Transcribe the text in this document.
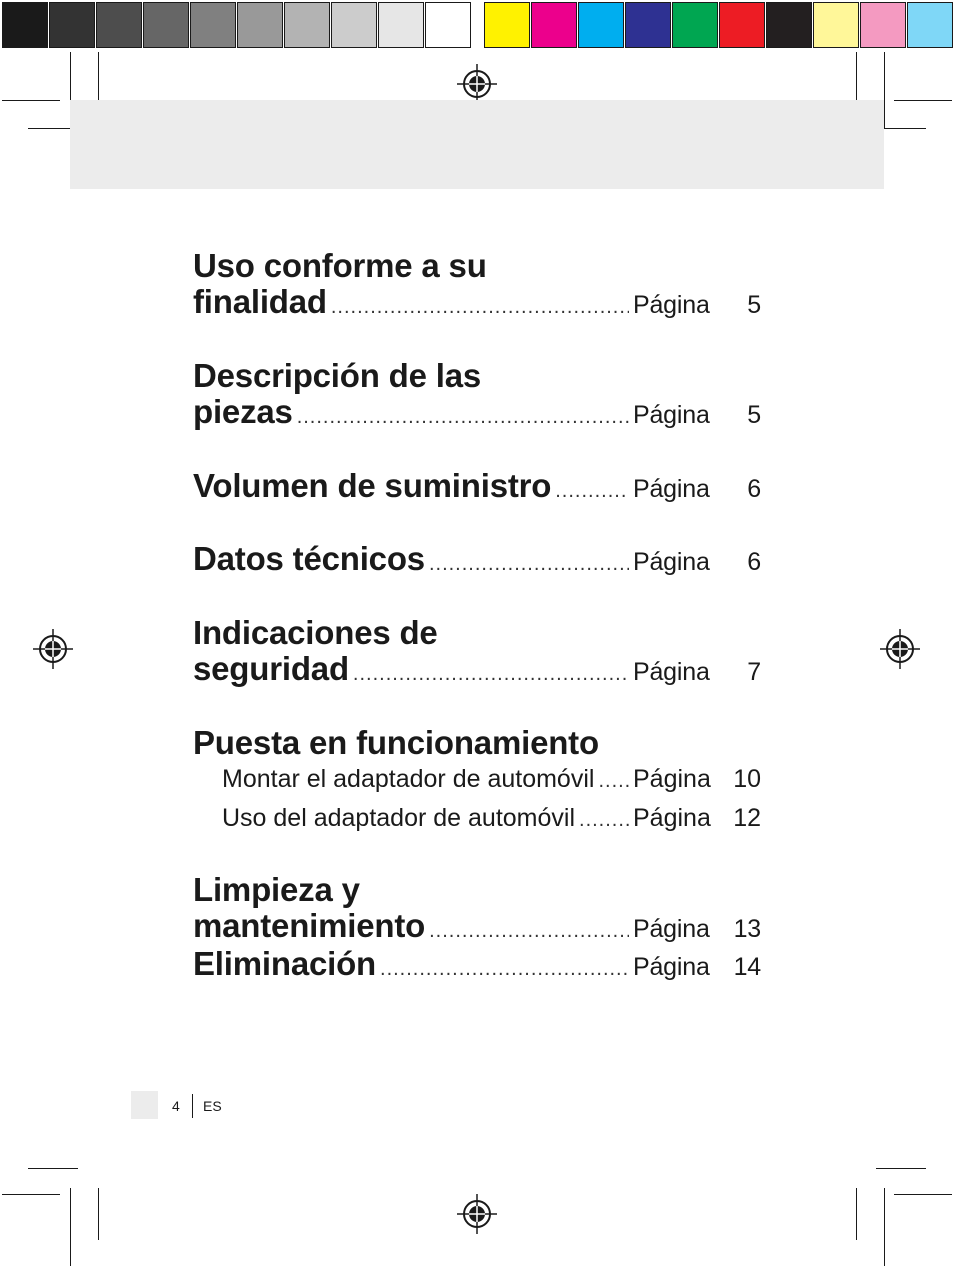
Uso conforme a su
finalidad .....	Página	5
Descripción de las
piezas .....	Página	5
Volumen de suministro .....	Página	6
Datos técnicos .....	Página	6
Indicaciones de
seguridad .....	Página	7
Puesta en funcionamiento
Montar el adaptador de automóvil ..... Página 10
Uso del adaptador de automóvil ..... Página 12
Limpieza y
mantenimiento .....	Página 13
Eliminación .....	Página 14
4 ES
